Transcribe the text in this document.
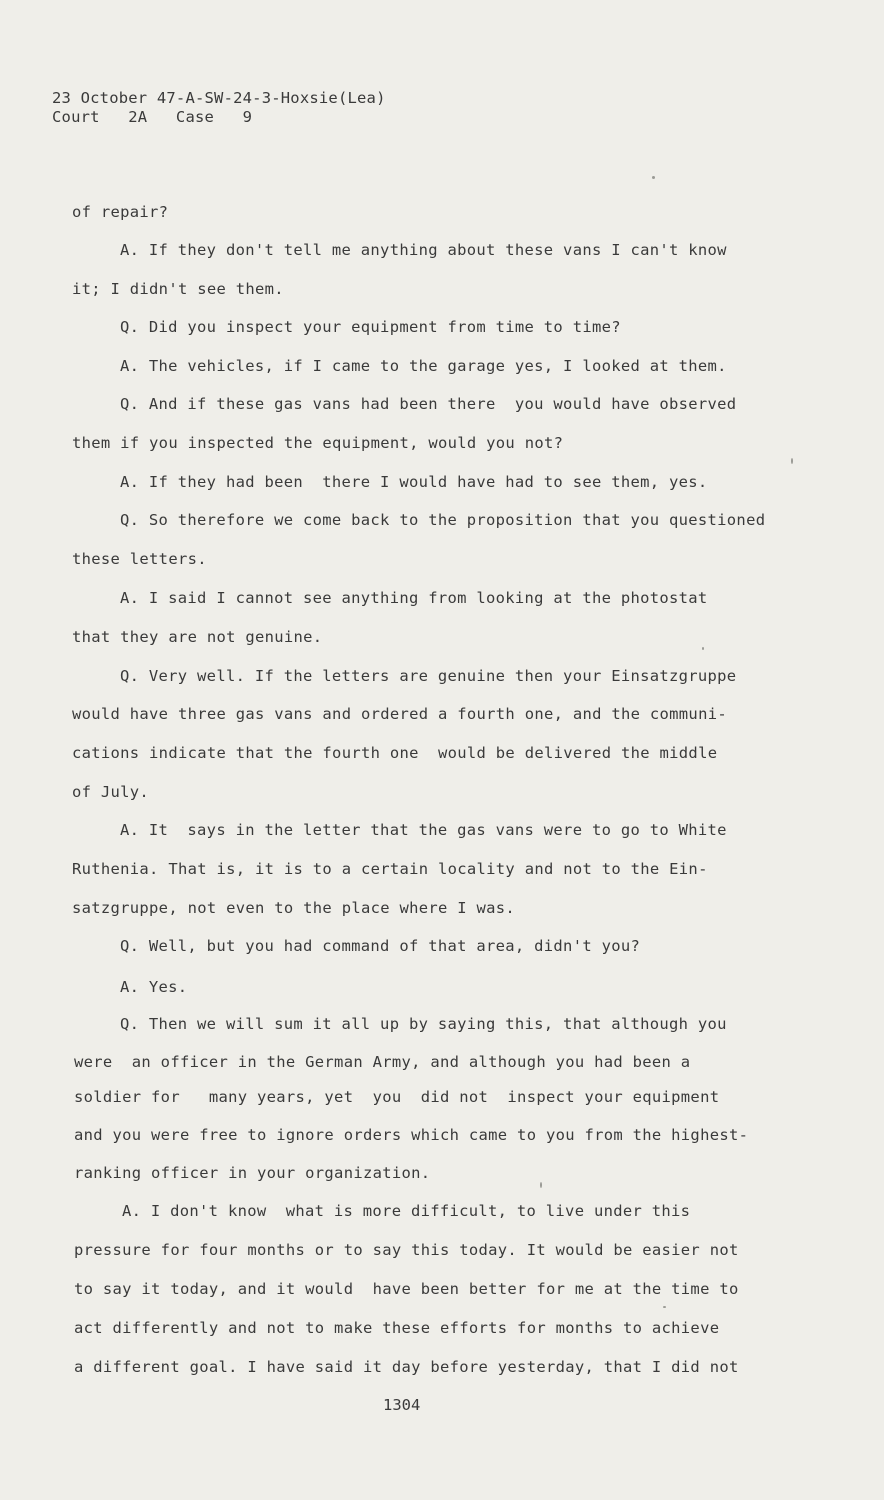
23 October 47-A-SW-24-3-Hoxsie(Lea)
Court   2A   Case   9
of repair?
A. If they don't tell me anything about these vans I can't know
it; I didn't see them.
Q. Did you inspect your equipment from time to time?
A. The vehicles, if I came to the garage yes, I looked at them.
Q. And if these gas vans had been there  you would have observed
them if you inspected the equipment, would you not?
A. If they had been  there I would have had to see them, yes.
Q. So therefore we come back to the proposition that you questioned
these letters.
A. I said I cannot see anything from looking at the photostat
that they are not genuine.
Q. Very well. If the letters are genuine then your Einsatzgruppe
would have three gas vans and ordered a fourth one, and the communi-
cations indicate that the fourth one  would be delivered the middle
of July.
A. It  says in the letter that the gas vans were to go to White
Ruthenia. That is, it is to a certain locality and not to the Ein-
satzgruppe, not even to the place where I was.
Q. Well, but you had command of that area, didn't you?
A. Yes.
Q. Then we will sum it all up by saying this, that although you
were  an officer in the German Army, and although you had been a
soldier for   many years, yet  you  did not  inspect your equipment
and you were free to ignore orders which came to you from the highest-
ranking officer in your organization.
A. I don't know  what is more difficult, to live under this
pressure for four months or to say this today. It would be easier not
to say it today, and it would  have been better for me at the time to
act differently and not to make these efforts for months to achieve
a different goal. I have said it day before yesterday, that I did not
1304
